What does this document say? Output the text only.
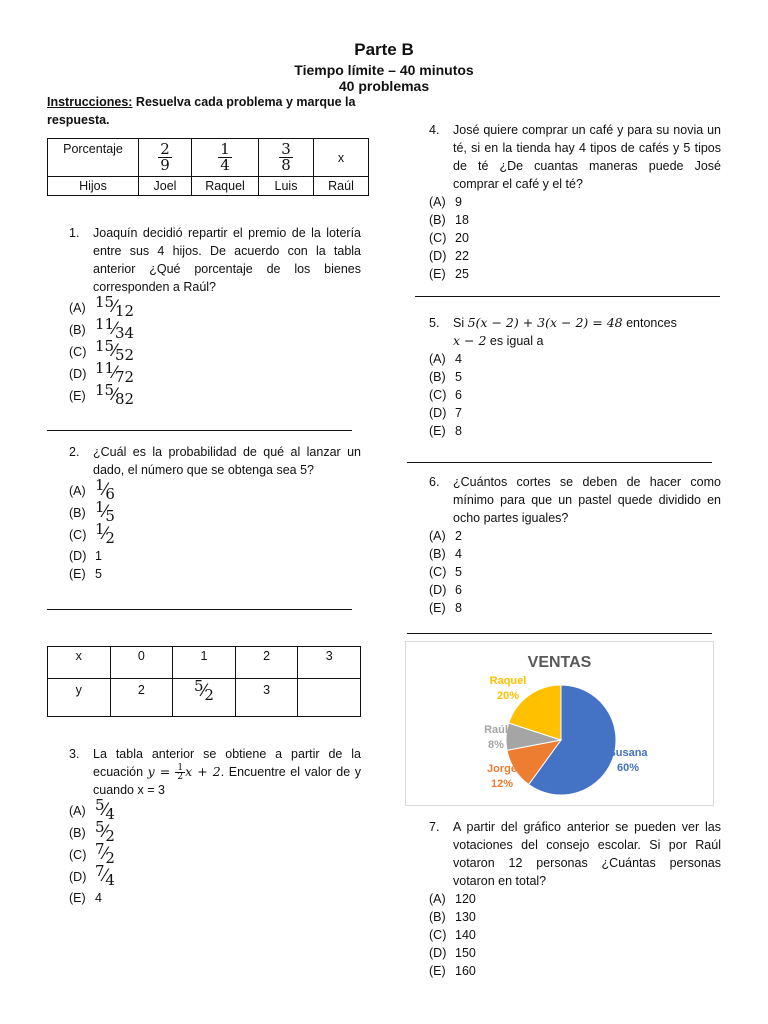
Parte B
Tiempo límite – 40 minutos
40 problemas
Instrucciones: Resuelva cada problema y marque la respuesta.
Porcentaje	$\frac{2}{9}$	$\frac{1}{4}$	$\frac{3}{8}$	x
Hijos	Joel	Raquel	Luis	Raúl
1.	Joaquín decidió repartir el premio de la lotería entre sus 4 hijos. De acuerdo con la tabla anterior ¿Qué porcentaje de los bienes corresponden a Raúl?
(A) 15⁄12
(B) 11⁄34
(C) 15⁄52
(D) 11⁄72
(E) 15⁄82
2.	¿Cuál es la probabilidad de qué al lanzar un dado, el número que se obtenga sea 5?
(A) 1⁄6
(B) 1⁄5
(C) 1⁄2
(D) 1
(E) 5
x	0	1	2	3
y	2	5⁄2	3	
3.	La tabla anterior se obtiene a partir de la ecuación $y = \frac{1}{2}$ x + 2. Encuentre el valor de y cuando x = 3
(A) 5⁄4
(B) 5⁄2
(C) 7⁄2
(D) 7⁄4
(E) 4
4.	José quiere comprar un café y para su novia un té, si en la tienda hay 4 tipos de cafés y 5 tipos de té ¿De cuantas maneras puede José comprar el café y el té?
(A) 9
(B) 18
(C) 20
(D) 22
(E) 25
5.	Si 5(x − 2) + 3(x − 2) = 48 entonces
x − 2 es igual a
(A) 4
(B) 5
(C) 6
(D) 7
(E) 8
6.	¿Cuántos cortes se deben de hacer como mínimo para que un pastel quede dividido en ocho partes iguales?
(A) 2
(B) 4
(C) 5
(D) 6
(E) 8
VENTAS
Susana
60%
Jorge
12%
Raúl
8%
Raquel
20%
7.	A partir del gráfico anterior se pueden ver las votaciones del consejo escolar. Si por Raúl votaron 12 personas ¿Cuántas personas votaron en total?
(A) 120
(B) 130
(C) 140
(D) 150
(E) 160
